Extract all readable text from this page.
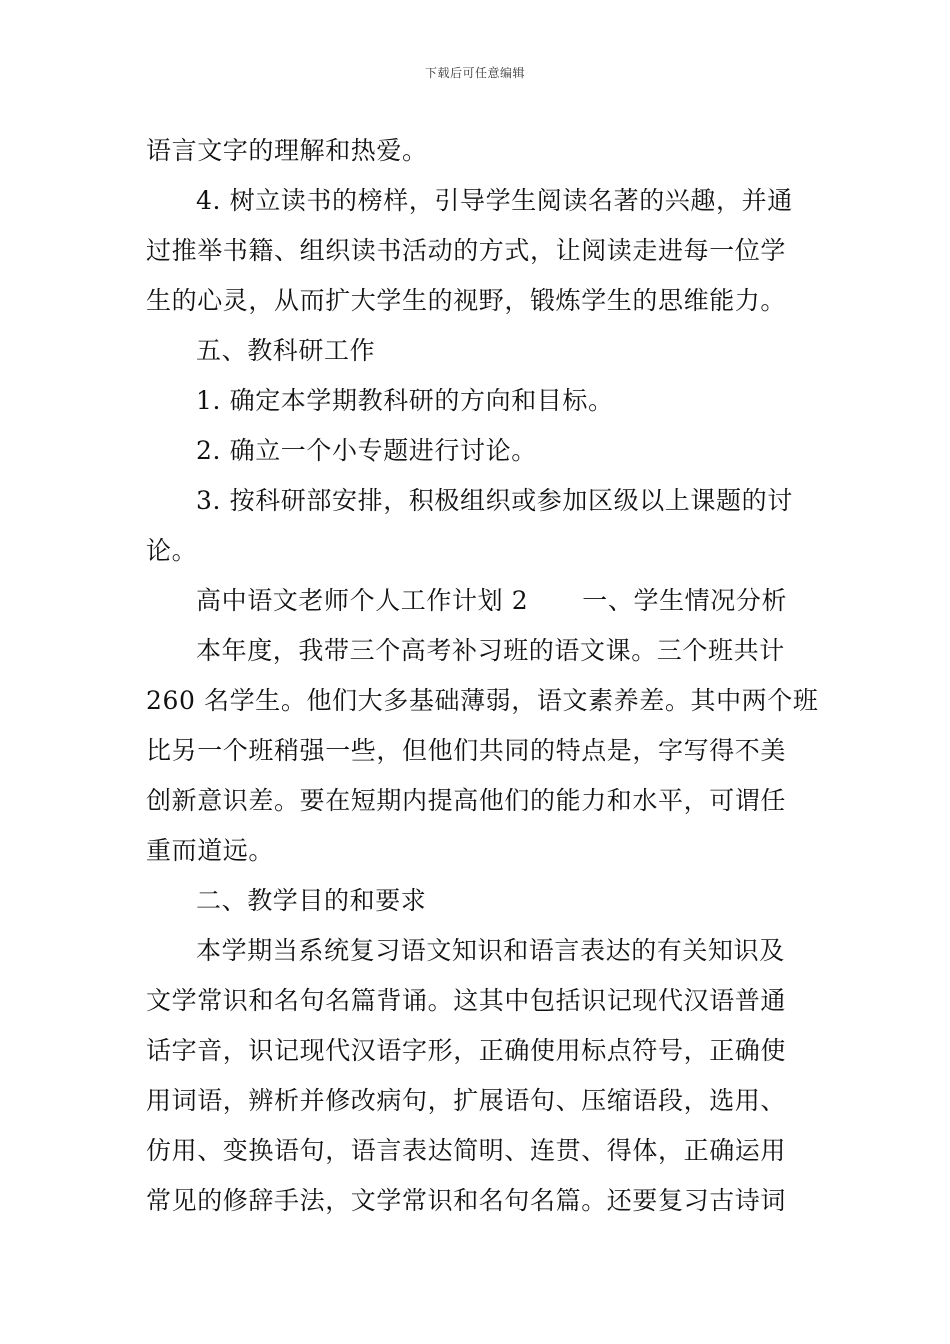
下载后可任意编辑
语言文字的理解和热爱。
4. 树立读书的榜样，引导学生阅读名著的兴趣，并通
过推举书籍、组织读书活动的方式，让阅读走进每一位学
生的心灵，从而扩大学生的视野，锻炼学生的思维能力。
五、教科研工作
1. 确定本学期教科研的方向和目标。
2. 确立一个小专题进行讨论。
3. 按科研部安排，积极组织或参加区级以上课题的讨
论。
高中语文老师个人工作计划 2 一、学生情况分析
本年度，我带三个高考补习班的语文课。三个班共计
260 名学生。他们大多基础薄弱，语文素养差。其中两个班
比另一个班稍强一些，但他们共同的特点是，字写得不美
创新意识差。要在短期内提高他们的能力和水平，可谓任
重而道远。
二、教学目的和要求
本学期当系统复习语文知识和语言表达的有关知识及
文学常识和名句名篇背诵。这其中包括识记现代汉语普通
话字音，识记现代汉语字形，正确使用标点符号，正确使
用词语，辨析并修改病句，扩展语句、压缩语段，选用、
仿用、变换语句，语言表达简明、连贯、得体，正确运用
常见的修辞手法，文学常识和名句名篇。还要复习古诗词
